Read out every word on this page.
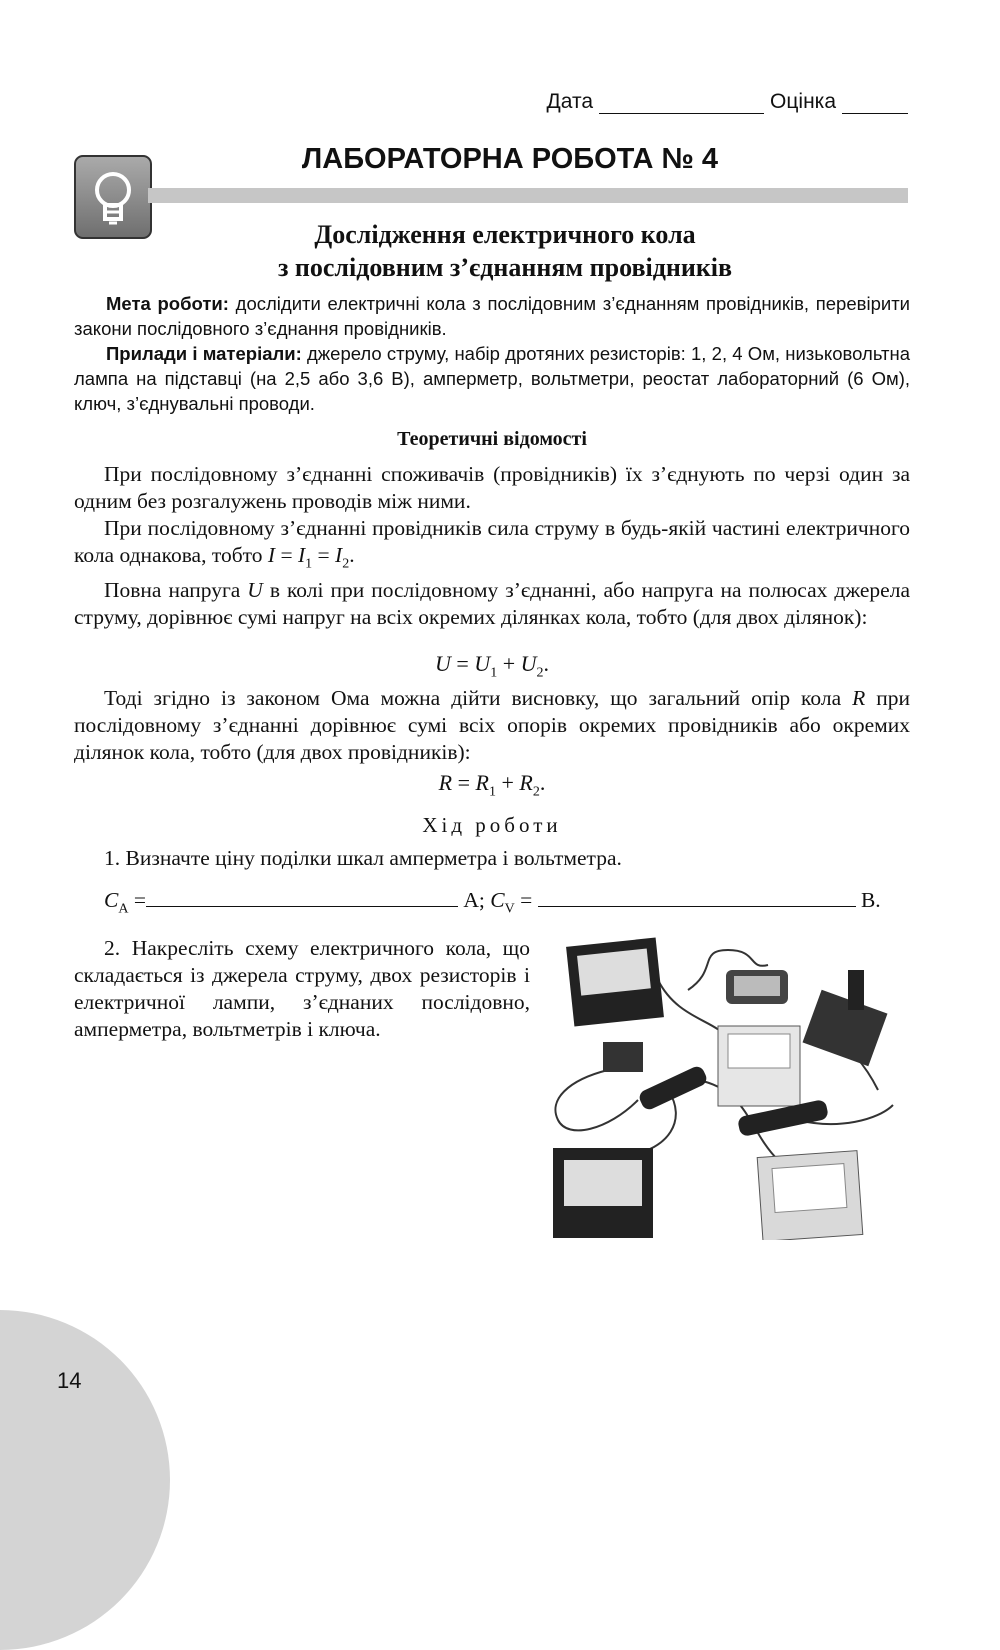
14
Дата	Оцінка
ЛАБОРАТОРНА РОБОТА № 4
Дослідження електричного кола
з послідовним з’єднанням провідників

Мета роботи: дослідити електричні кола з послідовним з’єднанням провідників, перевірити закони послідовного з’єднання провідників.

Прилади і матеріали: джерело струму, набір дротяних резисторів: 1, 2, 4 Ом, низьковольтна лампа на підставці (на 2,5 або 3,6 В), амперметр, вольтметри, реостат лабораторний (6 Ом), ключ, з’єднувальні проводи.

Теоретичні відомості

При послідовному з’єднанні споживачів (провідників) їх з’єднують по черзі один за одним без розгалужень проводів між ними.

При послідовному з’єднанні провідників сила струму в будь-якій частині електричного кола однакова, тобто $I = I_1 = I_2$.

Повна напруга U в колі при послідовному з’єднанні, або напруга на полюсах джерела струму, дорівнює сумі напруг на всіх окремих ділянках кола, тобто (для двох ділянок):

$U = U_1 + U_2$.

Тоді згідно із законом Ома можна дійти висновку, що загальний опір кола R при послідовному з’єднанні дорівнює сумі всіх опорів окремих провідників або окремих ділянок кола, тобто (для двох провідників):

$R = R_1 + R_2$.
Хід роботи

1. Визначте ціну поділки шкал амперметра і вольтметра.

$C_А$ =	А; $C_V$ =	В.

2. Накресліть схему електричного кола, що складається із джерела струму, двох резисторів і електричної лампи, з’єднаних послідовно, амперметра, вольтметрів і ключа.
